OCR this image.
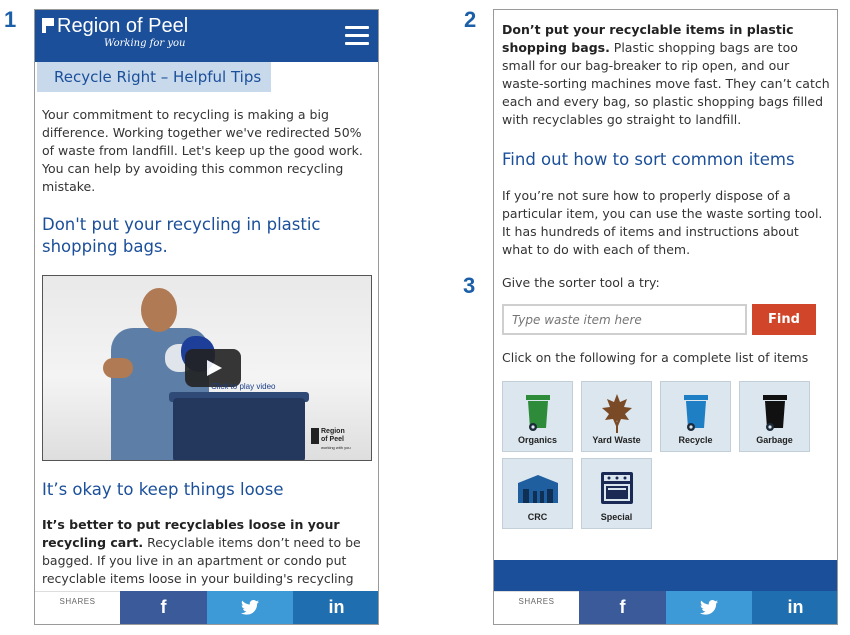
1	2
3
Region of Peel
Working for you
Recycle Right – Helpful Tips
Your commitment to recycling is making a big difference. Working together we've redirected 50% of waste from landfill. Let's keep up the good work. You can help by avoiding this common recycling mistake.
Don't put your recycling in plastic shopping bags.
Click to play video
Region
of Peel
working with you
It’s okay to keep things loose
It’s better to put recyclables loose in your recycling cart. Recyclable items don’t need to be bagged. If you live in an apartment or condo put recyclable items loose in your building's recycling
SHARES	f	in
Don’t put your recyclable items in plastic shopping bags. Plastic shopping bags are too small for our bag-breaker to rip open, and our waste-sorting machines move fast. They can’t catch each and every bag, so plastic shopping bags filled with recyclables go straight to landfill.
Find out how to sort common items
If you’re not sure how to properly dispose of a particular item, you can use the waste sorting tool. It has hundreds of items and instructions about what to do with each of them.
Give the sorter tool a try:
Type waste item here
Find
Click on the following for a complete list of items
Organics	Yard Waste	Recycle	Garbage
CRC	Special
SHARES	f	in
